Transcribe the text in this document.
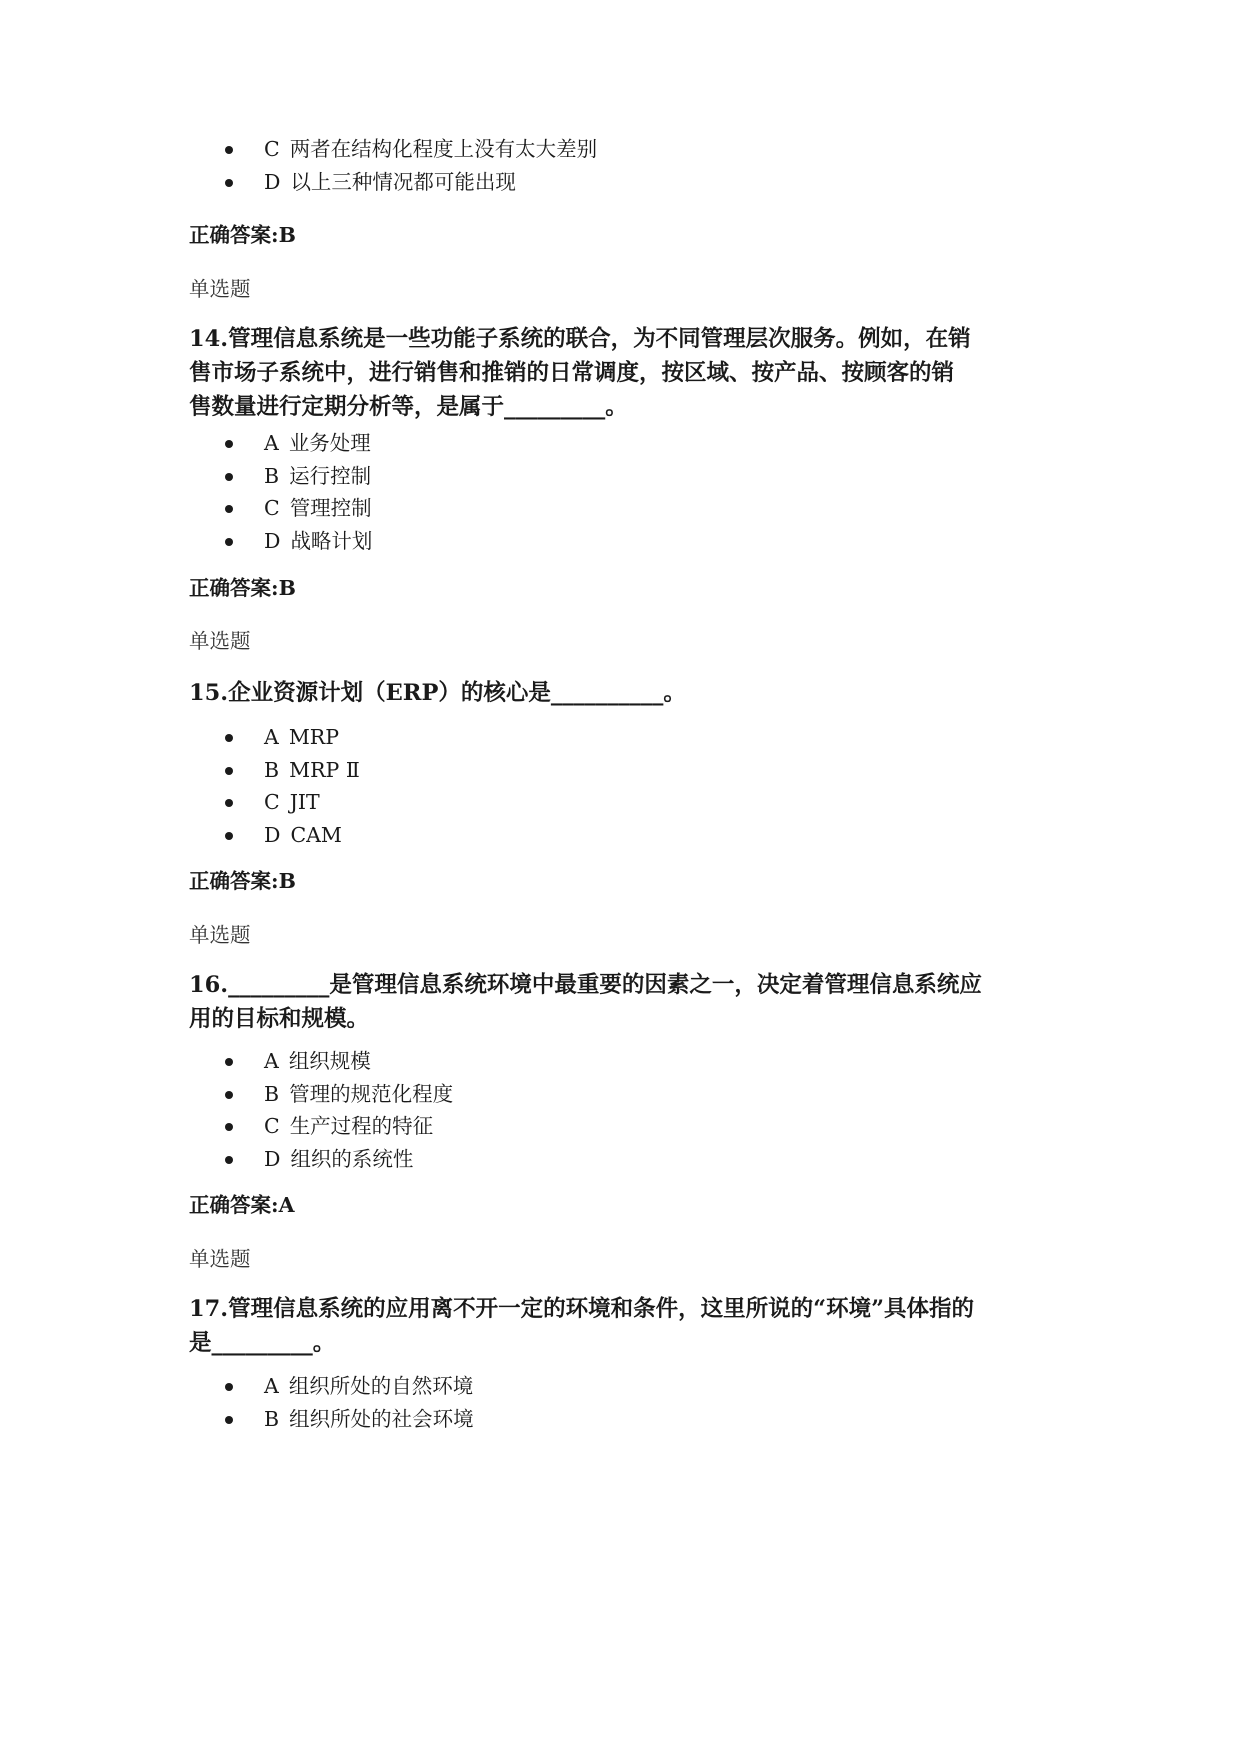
C 两者在结构化程度上没有太大差别
D 以上三种情况都可能出现
正确答案:B
单选题
14.管理信息系统是一些功能子系统的联合，为不同管理层次服务。例如，在销
售市场子系统中，进行销售和推销的日常调度，按区域、按产品、按顾客的销
售数量进行定期分析等，是属于_________。
A 业务处理
B 运行控制
C 管理控制
D 战略计划
正确答案:B
单选题
15.企业资源计划（ERP）的核心是__________。
A MRP
B MRP Ⅱ
C JIT
D CAM
正确答案:B
单选题
16._________是管理信息系统环境中最重要的因素之一，决定着管理信息系统应
用的目标和规模。
A 组织规模
B 管理的规范化程度
C 生产过程的特征
D 组织的系统性
正确答案:A
单选题
17.管理信息系统的应用离不开一定的环境和条件，这里所说的“环境”具体指的
是_________。
A 组织所处的自然环境
B 组织所处的社会环境
